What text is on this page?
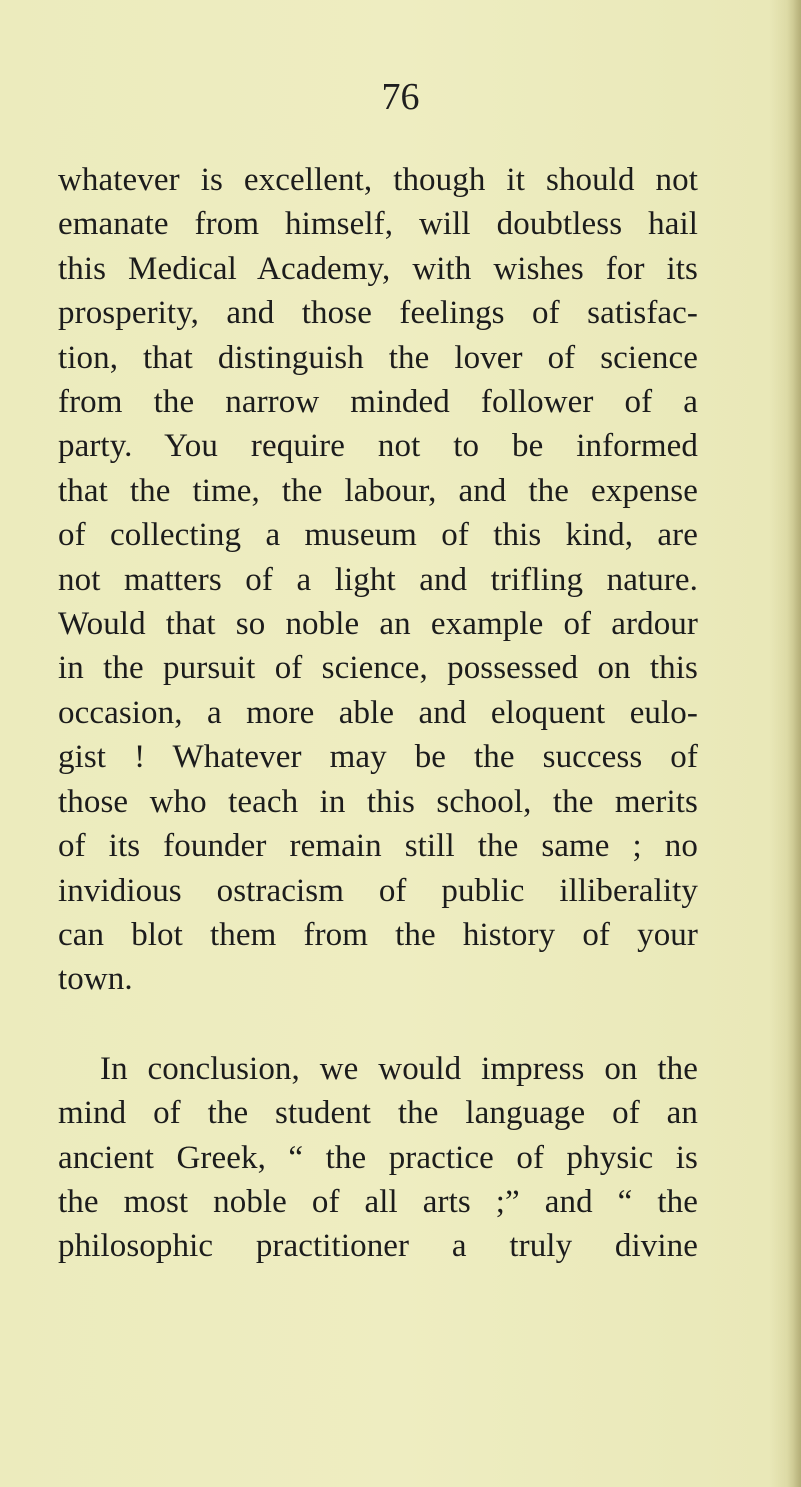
76

whatever is excellent, though it should not
emanate from himself, will doubtless hail
this Medical Academy, with wishes for its
prosperity, and those feelings of satisfac-
tion, that distinguish the lover of science
from the narrow minded follower of a
party. You require not to be informed
that the time, the labour, and the expense
of collecting a museum of this kind, are
not matters of a light and trifling nature.
Would that so noble an example of ardour
in the pursuit of science, possessed on this
occasion, a more able and eloquent eulo-
gist ! Whatever may be the success of
those who teach in this school, the merits
of its founder remain still the same ; no
invidious ostracism of public illiberality
can blot them from the history of your
town.

In conclusion, we would impress on the
mind of the student the language of an
ancient Greek, “ the practice of physic is
the most noble of all arts ;” and “ the
philosophic practitioner a truly divine
